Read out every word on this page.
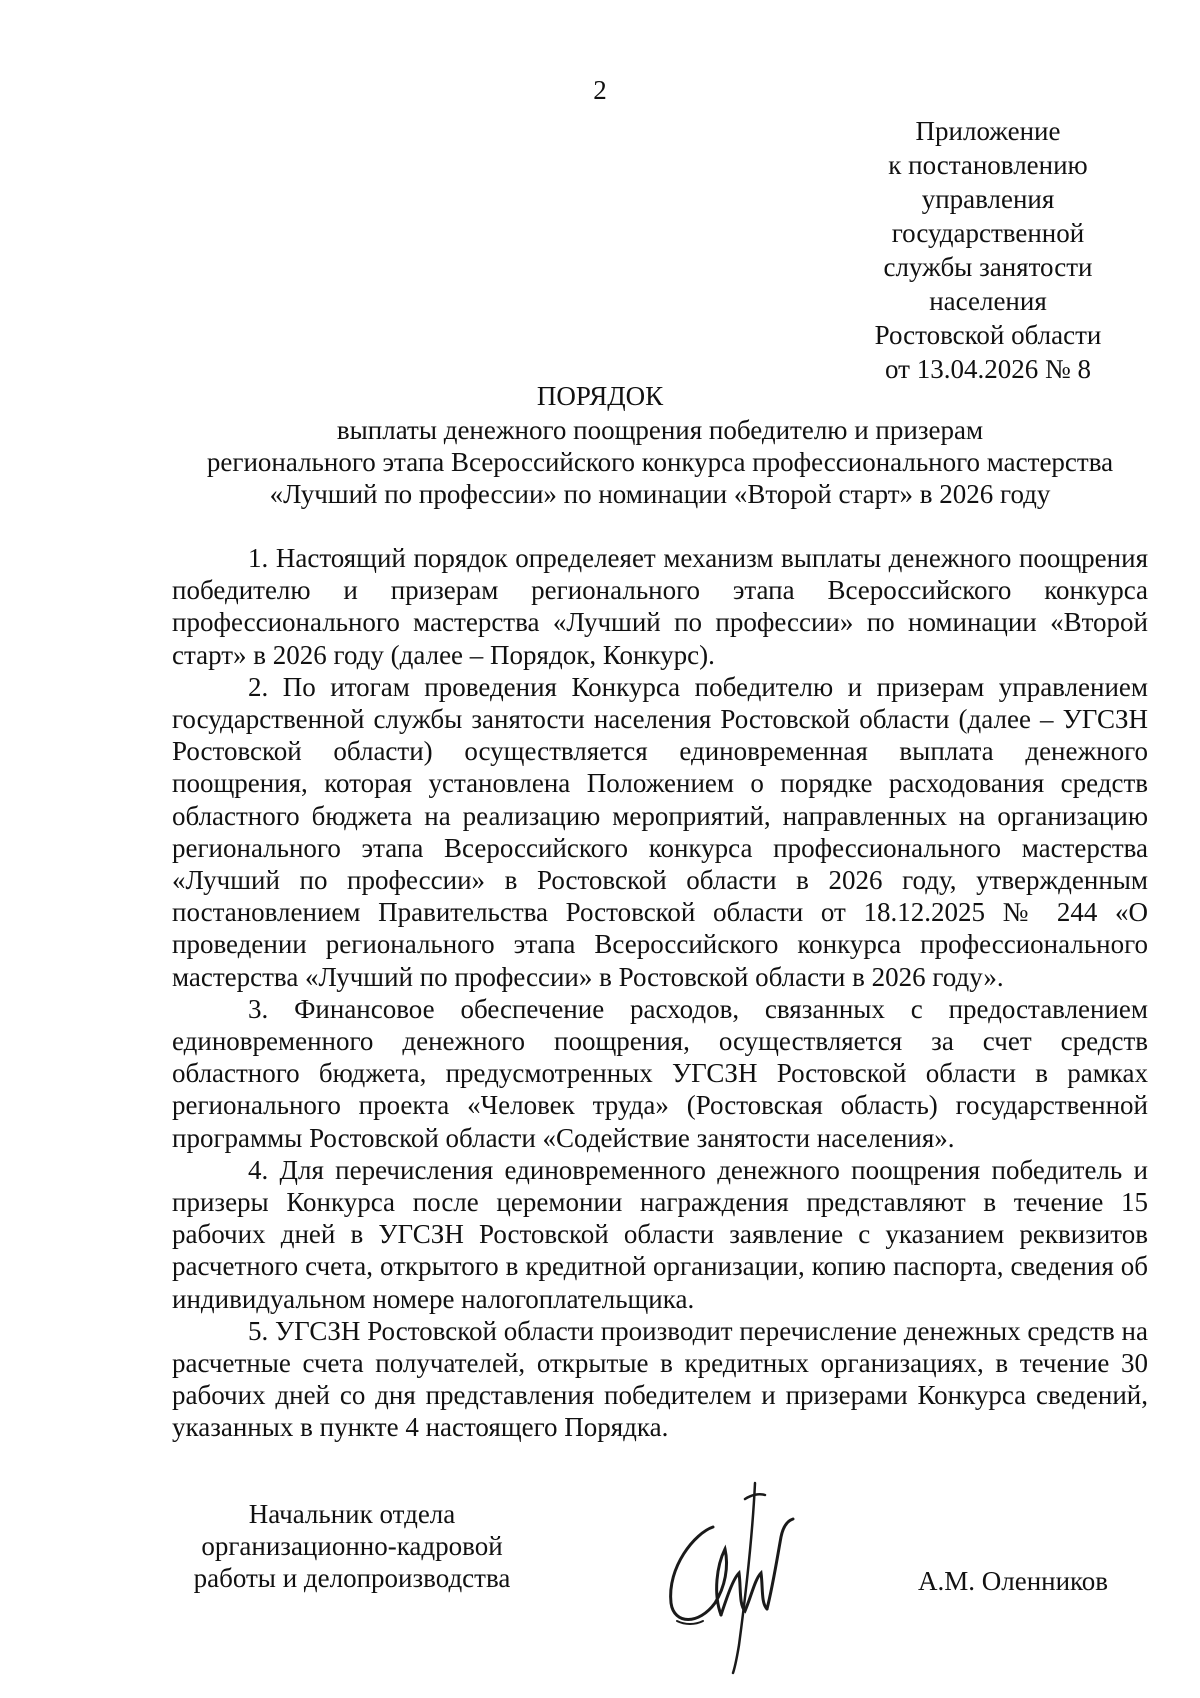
2
Приложение
к постановлению
управления
государственной
службы занятости
населения
Ростовской области
от 13.04.2026 № 8
ПОРЯДОК
выплаты денежного поощрения победителю и призерам
регионального этапа Всероссийского конкурса профессионального мастерства
«Лучший по профессии» по номинации «Второй старт» в 2026 году

1. Настоящий порядок определеяет механизм выплаты денежного поощрения победителю и призерам регионального этапа Всероссийского конкурса профессионального мастерства «Лучший по профессии» по номинации «Второй старт» в 2026 году (далее – Порядок, Конкурс).

2. По итогам проведения Конкурса победителю и призерам управлением государственной службы занятости населения Ростовской области (далее – УГСЗН Ростовской области) осуществляется единовременная выплата денежного поощрения, которая установлена Положением о порядке расходования средств областного бюджета на реализацию мероприятий, направленных на организацию регионального этапа Всероссийского конкурса профессионального мастерства «Лучший по профессии» в Ростовской области в 2026 году, утвержденным постановлением Правительства Ростовской области от 18.12.2025 № 244 «О проведении регионального этапа Всероссийского конкурса профессионального мастерства «Лучший по профессии» в Ростовской области в 2026 году».

3. Финансовое обеспечение расходов, связанных с предоставлением единовременного денежного поощрения, осуществляется за счет средств областного бюджета, предусмотренных УГСЗН Ростовской области в рамках регионального проекта «Человек труда» (Ростовская область) государственной программы Ростовской области «Содействие занятости населения».

4. Для перечисления единовременного денежного поощрения победитель и призеры Конкурса после церемонии награждения представляют в течение 15 рабочих дней в УГСЗН Ростовской области заявление с указанием реквизитов расчетного счета, открытого в кредитной организации, копию паспорта, сведения об индивидуальном номере налогоплательщика.

5. УГСЗН Ростовской области производит перечисление денежных средств на расчетные счета получателей, открытые в кредитных организациях, в течение 30 рабочих дней со дня представления победителем и призерами Конкурса сведений, указанных в пункте 4 настоящего Порядка.

Начальник отдела
организационно-кадровой
работы и делопроизводства	А.М. Оленников
